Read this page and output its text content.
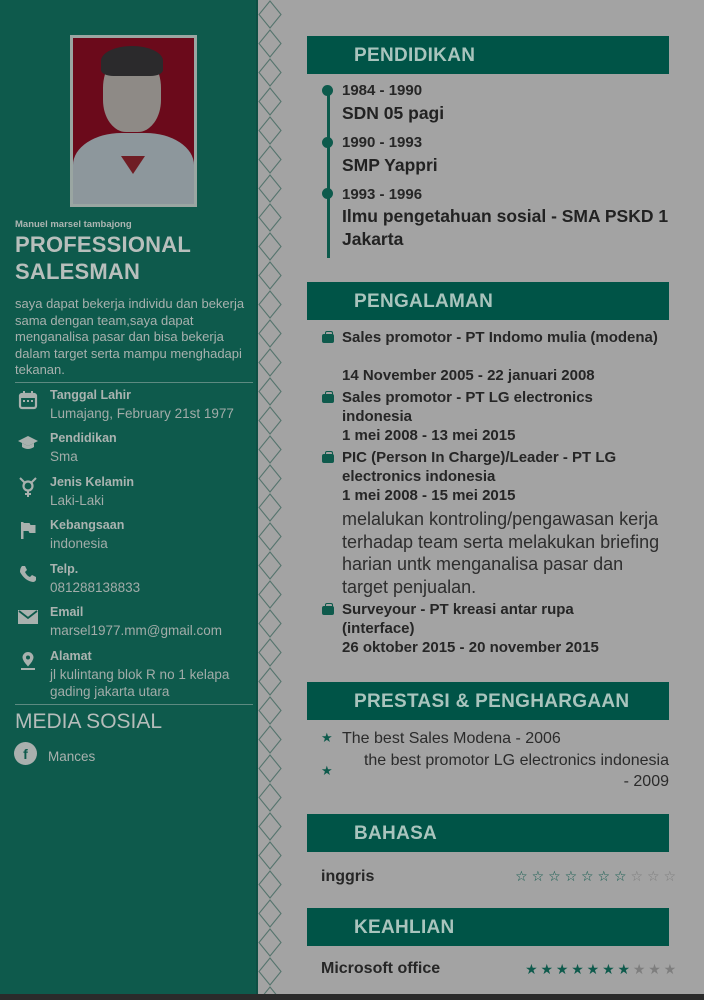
Manuel marsel tambajong
PROFESSIONAL SALESMAN
saya dapat bekerja individu dan bekerja sama dengan team,saya dapat menganalisa pasar dan bisa bekerja dalam target serta mampu menghadapi tekanan.
Tanggal Lahir
Lumajang, February 21st 1977
Pendidikan
Sma
Jenis Kelamin
Laki-Laki
Kebangsaan
indonesia
Telp.
081288138833
Email
marsel1977.mm@gmail.com
Alamat
jl kulintang blok R no 1 kelapa gading jakarta utara
MEDIA SOSIAL
f	Mances
PENDIDIKAN
1984 - 1990
SDN 05 pagi
1990 - 1993
SMP Yappri
1993 - 1996
Ilmu pengetahuan sosial - SMA PSKD 1 Jakarta
PENGALAMAN
Sales promotor - PT Indomo mulia (modena)
14 November 2005 - 22 januari 2008
Sales promotor - PT LG electronics indonesia
1 mei 2008 - 13 mei 2015
PIC (Person In Charge)/Leader - PT LG electronics indonesia
1 mei 2008 - 15 mei 2015
melalukan kontroling/pengawasan kerja terhadap team serta melakukan briefing harian untk menganalisa pasar dan target penjualan.
Surveyour - PT kreasi antar rupa (interface)
26 oktober 2015 - 20 november 2015
PRESTASI & PENGHARGAAN
★ The best Sales Modena - 2006
★
the best promotor LG electronics indonesia
- 2009
BAHASA
inggris	☆ ☆ ☆ ☆ ☆ ☆ ☆ ☆ ☆ ☆
KEAHLIAN
Microsoft office	★ ★ ★ ★ ★ ★ ★ ★ ★ ★
